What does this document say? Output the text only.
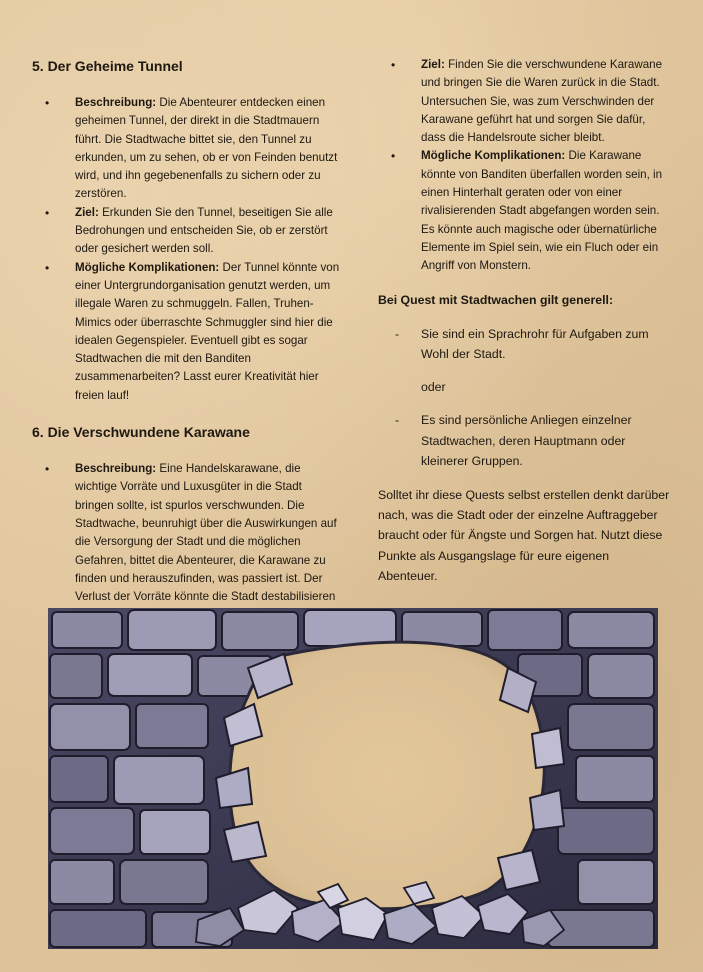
5. Der Geheime Tunnel
• Beschreibung: Die Abenteurer entdecken einen geheimen Tunnel, der direkt in die Stadtmauern führt. Die Stadtwache bittet sie, den Tunnel zu erkunden, um zu sehen, ob er von Feinden benutzt wird, und ihn gegebenenfalls zu sichern oder zu zerstören.
• Ziel: Erkunden Sie den Tunnel, beseitigen Sie alle Bedrohungen und entscheiden Sie, ob er zerstört oder gesichert werden soll.
• Mögliche Komplikationen: Der Tunnel könnte von einer Untergrundorganisation genutzt werden, um illegale Waren zu schmuggeln. Fallen, Truhen-Mimics oder überraschte Schmuggler sind hier die idealen Gegenspieler. Eventuell gibt es sogar Stadtwachen die mit den Banditen zusammenarbeiten? Lasst eurer Kreativität hier freien lauf!
6. Die Verschwundene Karawane
• Beschreibung: Eine Handelskarawane, die wichtige Vorräte und Luxusgüter in die Stadt bringen sollte, ist spurlos verschwunden. Die Stadtwache, beunruhigt über die Auswirkungen auf die Versorgung der Stadt und die möglichen Gefahren, bittet die Abenteurer, die Karawane zu finden und herauszufinden, was passiert ist. Der Verlust der Vorräte könnte die Stadt destabilisieren
• Ziel: Finden Sie die verschwundene Karawane und bringen Sie die Waren zurück in die Stadt. Untersuchen Sie, was zum Verschwinden der Karawane geführt hat und sorgen Sie dafür, dass die Handelsroute sicher bleibt.
• Mögliche Komplikationen: Die Karawane könnte von Banditen überfallen worden sein, in einen Hinterhalt geraten oder von einer rivalisierenden Stadt abgefangen worden sein. Es könnte auch magische oder übernatürliche Elemente im Spiel sein, wie ein Fluch oder ein Angriff von Monstern.
Bei Quest mit Stadtwachen gilt generell:
- Sie sind ein Sprachrohr für Aufgaben zum Wohl der Stadt.
oder
- Es sind persönliche Anliegen einzelner Stadtwachen, deren Hauptmann oder kleinerer Gruppen.
Solltet ihr diese Quests selbst erstellen denkt darüber nach, was die Stadt oder der einzelne Auftraggeber braucht oder für Ängste und Sorgen hat. Nutzt diese Punkte als Ausgangslage für eure eigenen Abenteuer.
